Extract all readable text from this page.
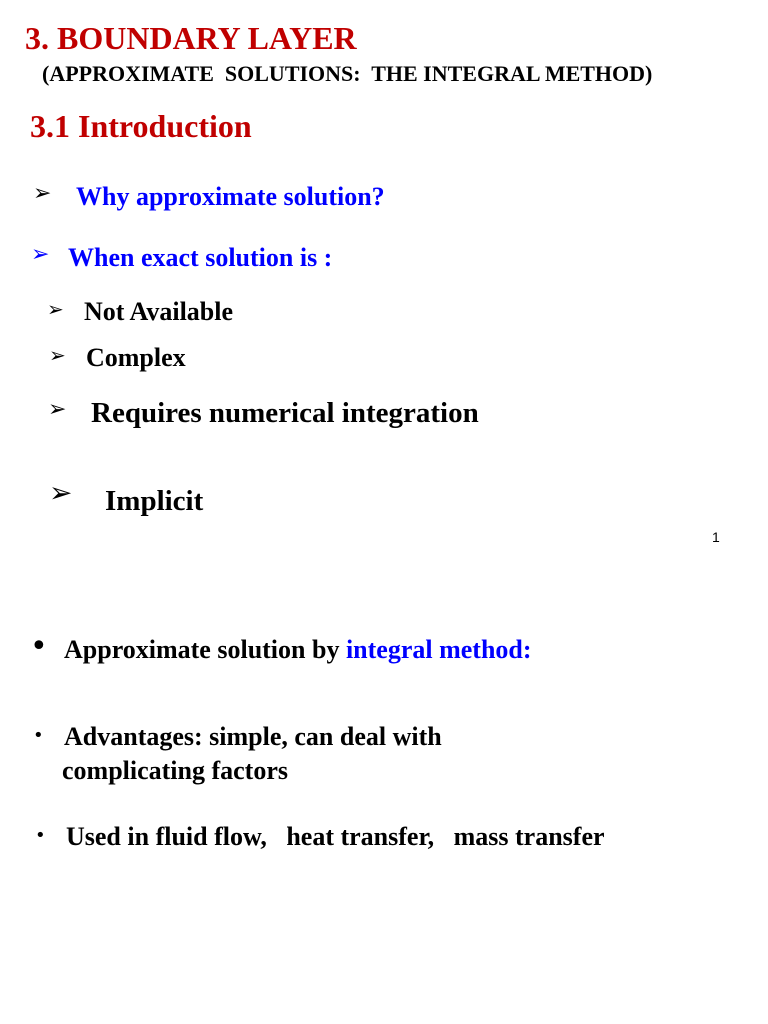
3. BOUNDARY LAYER
(APPROXIMATE  SOLUTIONS:  THE INTEGRAL METHOD)
3.1 Introduction
➢ Why approximate solution?
➢ When exact solution is :
➢ Not Available
➢ Complex
➢ Requires numerical integration
➢ Implicit
1
• Approximate solution by integral method:
• Advantages: simple, can deal with
complicating factors
• Used in fluid flow,   heat transfer,   mass transfer
